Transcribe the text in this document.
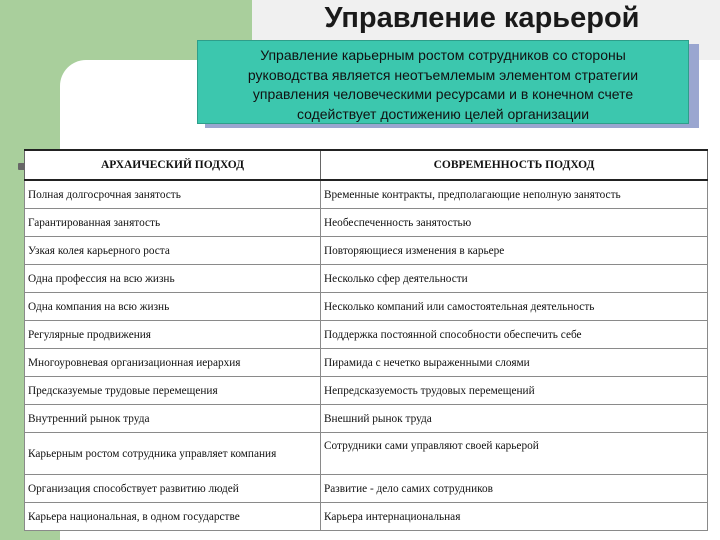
Управление карьерой
Управление карьерным ростом сотрудников со стороны
руководства является неотъемлемым элементом стратегии
управления человеческими ресурсами и в конечном счете
содействует достижению целей организации
АРХАИЧЕСКИЙ ПОДХОД	СОВРЕМЕННОСТЬ ПОДХОД
Полная долгосрочная занятость	Временные контракты, предполагающие неполную занятость
Гарантированная занятость	Необеспеченность занятостью
Узкая колея карьерного роста	Повторяющиеся изменения в карьере
Одна профессия на всю жизнь	Несколько сфер деятельности
Одна компания на всю жизнь	Несколько компаний или самостоятельная деятельность
Регулярные продвижения	Поддержка постоянной способности обеспечить себе
Многоуровневая организационная иерархия	Пирамида с нечетко выраженными слоями
Предсказуемые трудовые перемещения	Непредсказуемость трудовых перемещений
Внутренний рынок труда	Внешний рынок труда
Карьерным ростом сотрудника управляет компания	Сотрудники сами управляют своей карьерой
Организация способствует развитию людей	Развитие - дело самих сотрудников
Карьера национальная, в одном государстве	Карьера интернациональная
